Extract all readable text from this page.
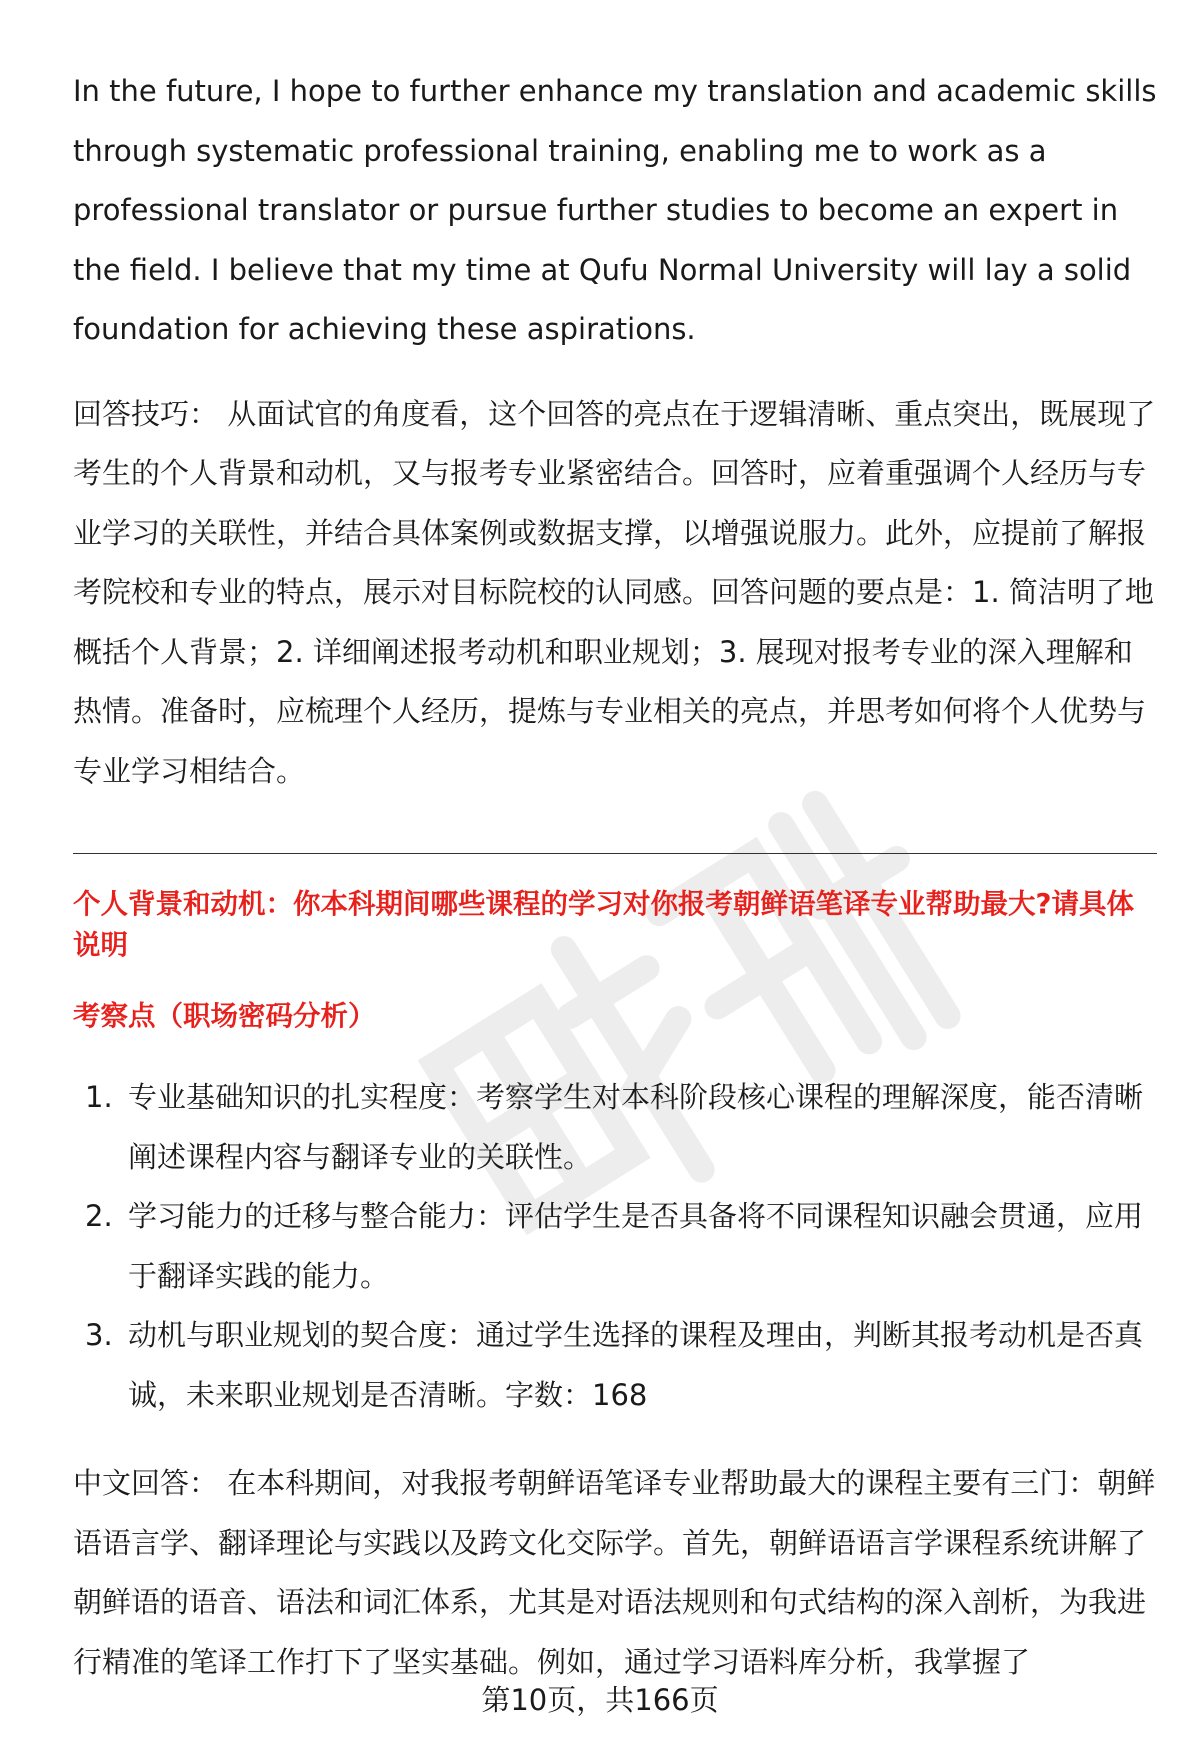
In the future, I hope to further enhance my translation and academic skills through systematic professional training, enabling me to work as a professional translator or pursue further studies to become an expert in the field. I believe that my time at Qufu Normal University will lay a solid foundation for achieving these aspirations.

回答技巧： 从面试官的角度看，这个回答的亮点在于逻辑清晰、重点突出，既展现了考生的个人背景和动机，又与报考专业紧密结合。回答时，应着重强调个人经历与专业学习的关联性，并结合具体案例或数据支撑，以增强说服力。此外，应提前了解报考院校和专业的特点，展示对目标院校的认同感。回答问题的要点是：1. 简洁明了地概括个人背景；2. 详细阐述报考动机和职业规划；3. 展现对报考专业的深入理解和热情。准备时，应梳理个人经历，提炼与专业相关的亮点，并思考如何将个人优势与专业学习相结合。

个人背景和动机：你本科期间哪些课程的学习对你报考朝鲜语笔译专业帮助最大?请具体说明

考察点（职场密码分析）

1. 专业基础知识的扎实程度：考察学生对本科阶段核心课程的理解深度，能否清晰阐述课程内容与翻译专业的关联性。
2. 学习能力的迁移与整合能力：评估学生是否具备将不同课程知识融会贯通，应用于翻译实践的能力。
3. 动机与职业规划的契合度：通过学生选择的课程及理由，判断其报考动机是否真诚，未来职业规划是否清晰。字数：168

中文回答： 在本科期间，对我报考朝鲜语笔译专业帮助最大的课程主要有三门：朝鲜语语言学、翻译理论与实践以及跨文化交际学。首先，朝鲜语语言学课程系统讲解了朝鲜语的语音、语法和词汇体系，尤其是对语法规则和句式结构的深入剖析，为我进行精准的笔译工作打下了坚实基础。例如，通过学习语料库分析，我掌握了

第10页，共166页
